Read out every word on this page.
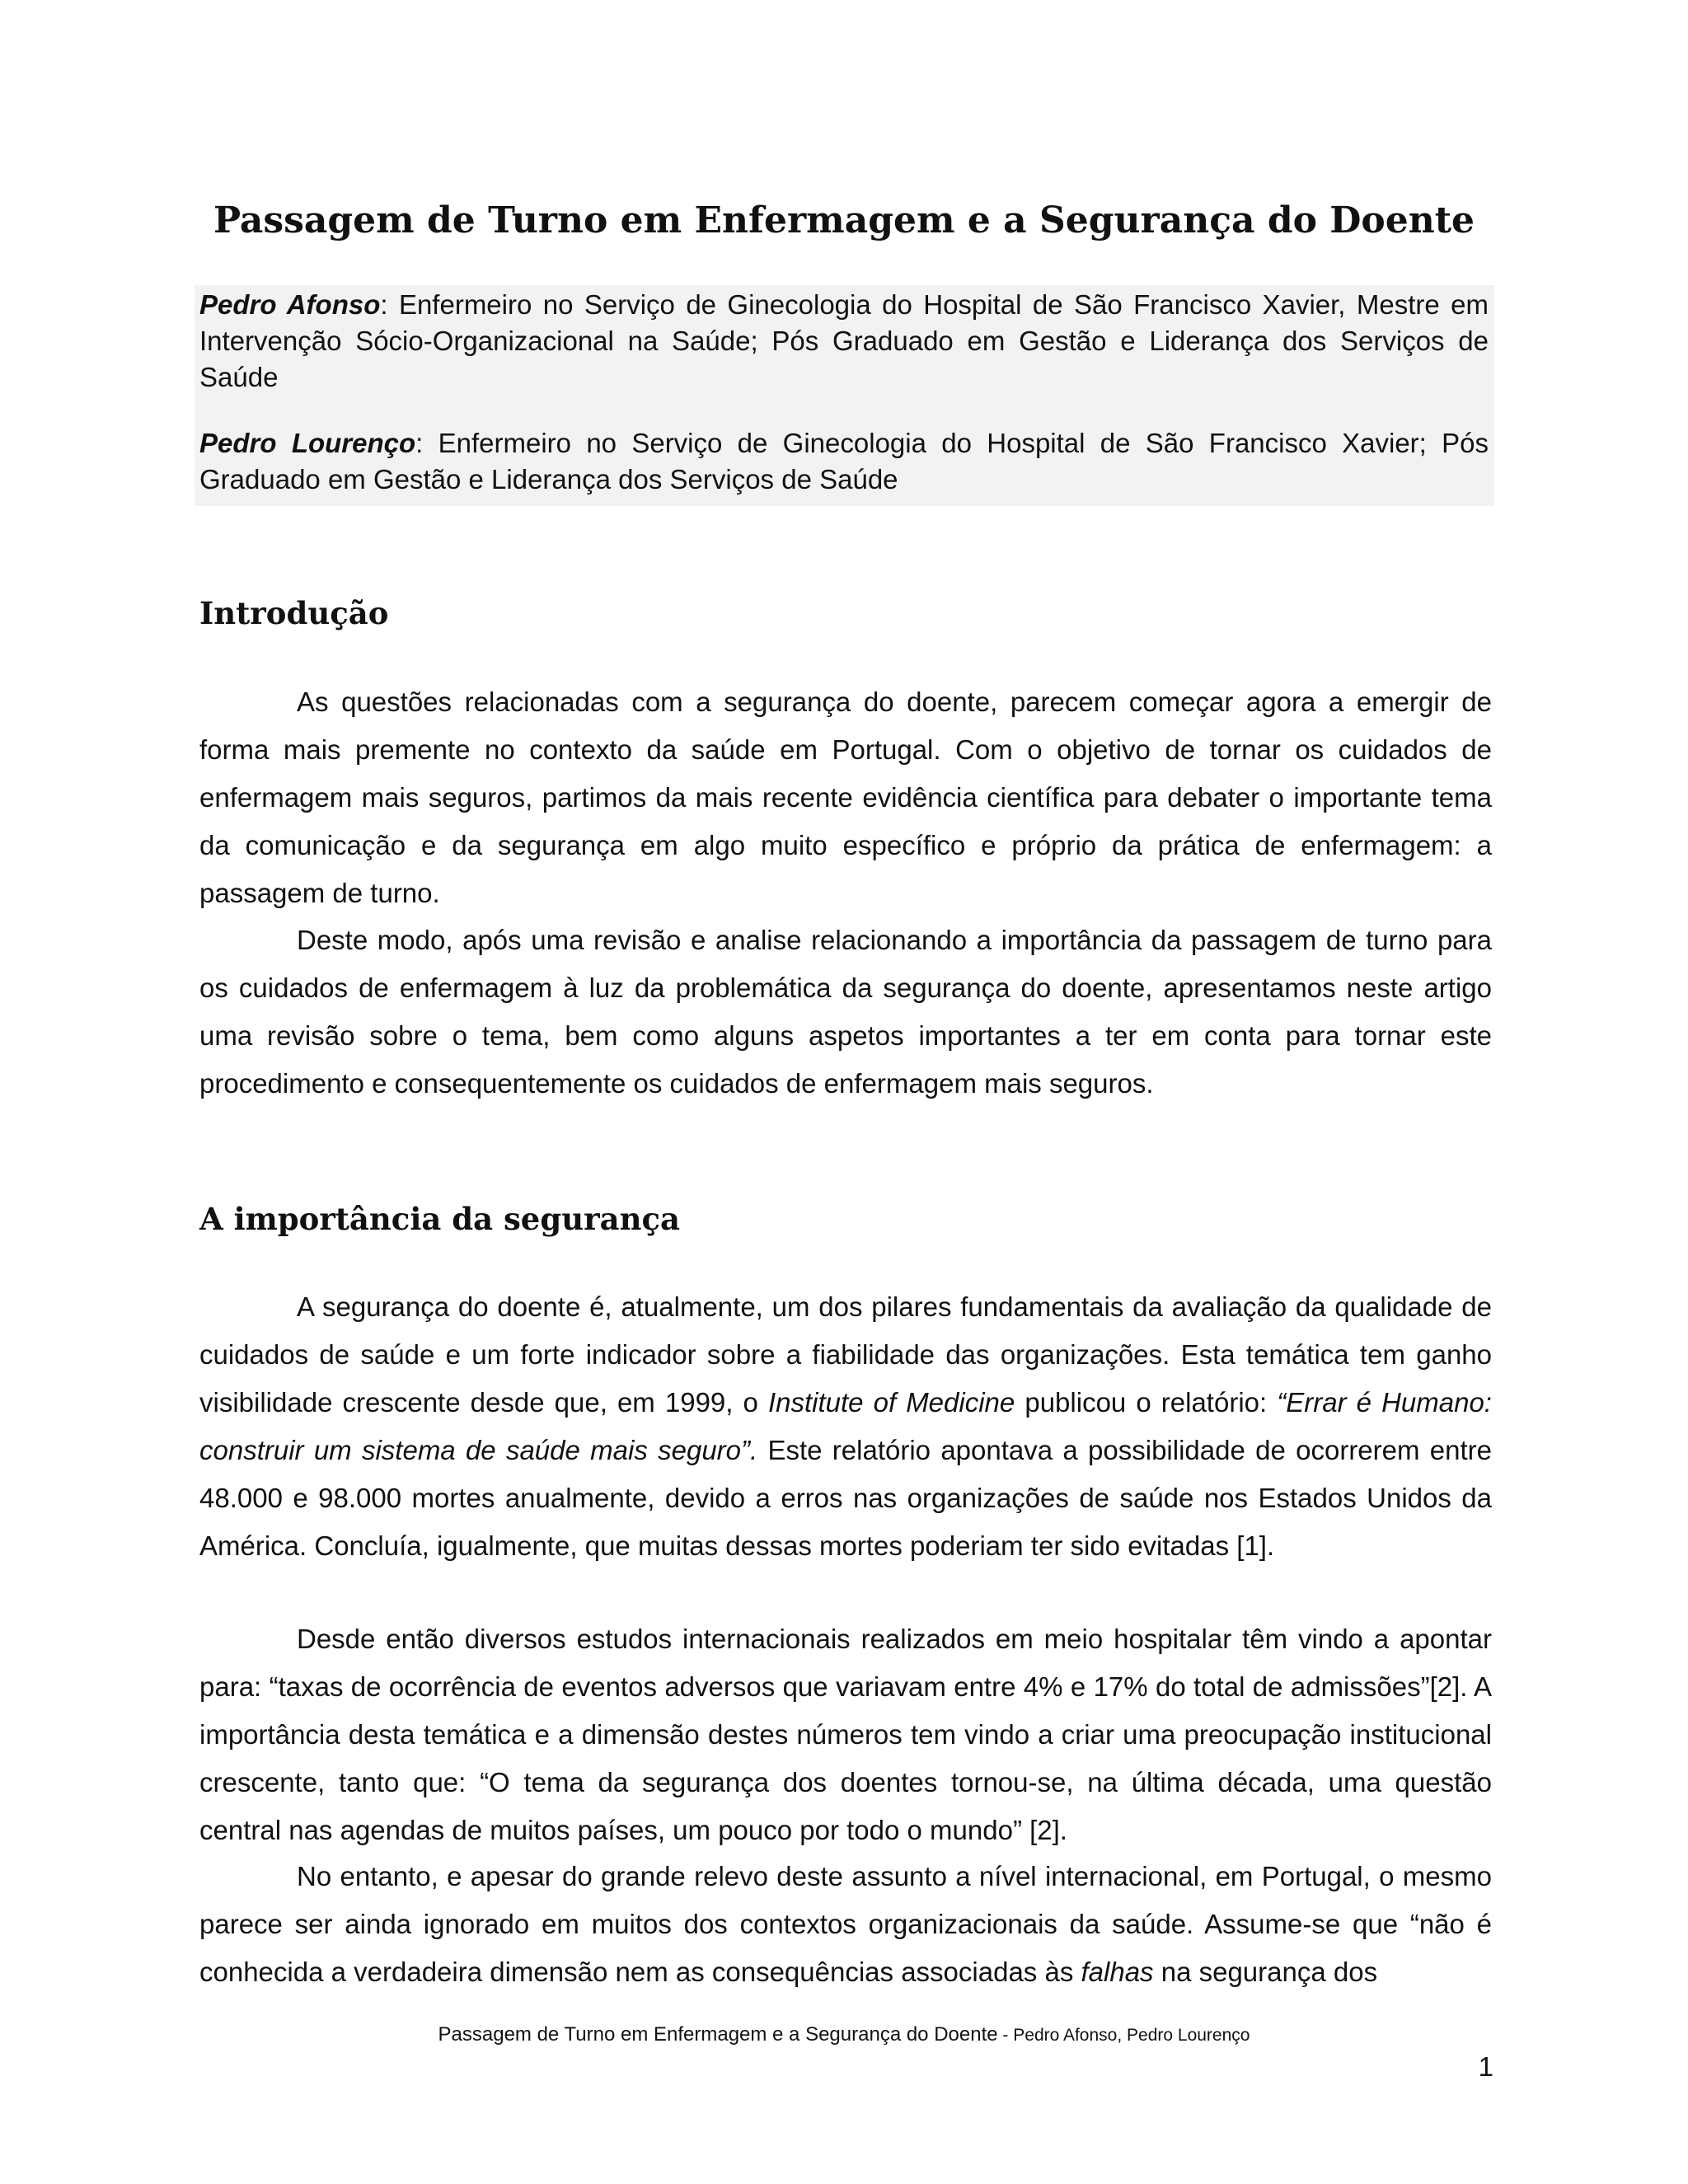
Passagem de Turno em Enfermagem e a Segurança do Doente

Pedro Afonso: Enfermeiro no Serviço de Ginecologia do Hospital de São Francisco Xavier, Mestre em Intervenção Sócio-Organizacional na Saúde; Pós Graduado em Gestão e Liderança dos Serviços de Saúde

Pedro Lourenço: Enfermeiro no Serviço de Ginecologia do Hospital de São Francisco Xavier; Pós Graduado em Gestão e Liderança dos Serviços de Saúde

Introdução

As questões relacionadas com a segurança do doente, parecem começar agora a emergir de forma mais premente no contexto da saúde em Portugal. Com o objetivo de tornar os cuidados de enfermagem mais seguros, partimos da mais recente evidência científica para debater o importante tema da comunicação e da segurança em algo muito específico e próprio da prática de enfermagem: a passagem de turno.

Deste modo, após uma revisão e analise relacionando a importância da passagem de turno para os cuidados de enfermagem à luz da problemática da segurança do doente, apresentamos neste artigo uma revisão sobre o tema, bem como alguns aspetos importantes a ter em conta para tornar este procedimento e consequentemente os cuidados de enfermagem mais seguros.

A importância da segurança

A segurança do doente é, atualmente, um dos pilares fundamentais da avaliação da qualidade de cuidados de saúde e um forte indicador sobre a fiabilidade das organizações. Esta temática tem ganho visibilidade crescente desde que, em 1999, o Institute of Medicine publicou o relatório: “Errar é Humano: construir um sistema de saúde mais seguro”. Este relatório apontava a possibilidade de ocorrerem entre 48.000 e 98.000 mortes anualmente, devido a erros nas organizações de saúde nos Estados Unidos da América. Concluía, igualmente, que muitas dessas mortes poderiam ter sido evitadas [1].

Desde então diversos estudos internacionais realizados em meio hospitalar têm vindo a apontar para: “taxas de ocorrência de eventos adversos que variavam entre 4% e 17% do total de admissões”[2]. A importância desta temática e a dimensão destes números tem vindo a criar uma preocupação institucional crescente, tanto que: “O tema da segurança dos doentes tornou-se, na última década, uma questão central nas agendas de muitos países, um pouco por todo o mundo” [2].

No entanto, e apesar do grande relevo deste assunto a nível internacional, em Portugal, o mesmo parece ser ainda ignorado em muitos dos contextos organizacionais da saúde. Assume-se que “não é conhecida a verdadeira dimensão nem as consequências associadas às falhas na segurança dos

Passagem de Turno em Enfermagem e a Segurança do Doente - Pedro Afonso, Pedro Lourenço
1
